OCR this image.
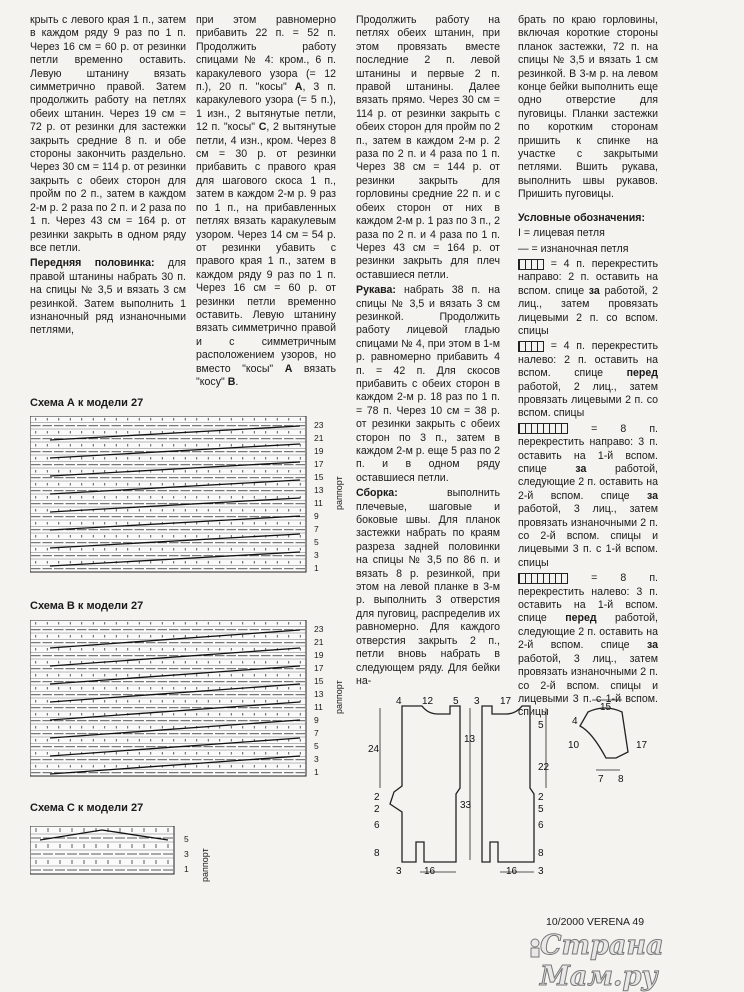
крыть с левого края 1 п., затем в каждом ряду 9 раз по 1 п. Через 16 см = 60 р. от резинки петли временно оставить. Левую штанину вязать симметрично правой. Затем продолжить работу на петлях обеих штанин. Через 19 см = 72 р. от резинки для застежки закрыть средние 8 п. и обе стороны закончить раздельно. Через 30 см = 114 р. от резинки закрыть с обеих сторон для пройм по 2 п., затем в каждом 2-м р. 2 раза по 2 п. и 2 раза по 1 п. Через 43 см = 164 р. от резинки закрыть в одном ряду все петли.

Передняя половинка: для правой штанины набрать 30 п. на спицы № 3,5 и вязать 3 см резинкой. Затем выполнить 1 изнаночный ряд изнаночными петлями,

при этом равномерно прибавить 22 п. = 52 п. Продолжить работу спицами № 4: кром., 6 п. каракулевого узора (= 12 п.), 20 п. "косы" А, 3 п. каракулевого узора (= 5 п.), 1 изн., 2 вытянутые петли, 12 п. "косы" С, 2 вытянутые петли, 4 изн., кром. Через 8 см = 30 р. от резинки прибавить с правого края для шагового скоса 1 п., затем в каждом 2-м р. 9 раз по 1 п., на прибавленных петлях вязать каракулевым узором. Через 14 см = 54 р. от резинки убавить с правого края 1 п., затем в каждом ряду 9 раз по 1 п. Через 16 см = 60 р. от резинки петли временно оставить. Левую штанину вязать симметрично правой и с симметричным расположением узоров, но вместо "косы" А вязать "косу" В.

Продолжить работу на петлях обеих штанин, при этом провязать вместе последние 2 п. левой штанины и первые 2 п. правой штанины. Далее вязать прямо. Через 30 см = 114 р. от резинки закрыть с обеих сторон для пройм по 2 п., затем в каждом 2-м р. 2 раза по 2 п. и 4 раза по 1 п. Через 38 см = 144 р. от резинки закрыть для горловины средние 22 п. и с обеих сторон от них в каждом 2-м р. 1 раз по 3 п., 2 раза по 2 п. и 4 раза по 1 п. Через 43 см = 164 р. от резинки закрыть для плеч оставшиеся петли.

Рукава: набрать 38 п. на спицы № 3,5 и вязать 3 см резинкой. Продолжить работу лицевой гладью спицами № 4, при этом в 1-м р. равномерно прибавить 4 п. = 42 п. Для скосов прибавить с обеих сторон в каждом 2-м р. 18 раз по 1 п. = 78 п. Через 10 см = 38 р. от резинки закрыть с обеих сторон по 3 п., затем в каждом 2-м р. еще 5 раз по 2 п. и в одном ряду оставшиеся петли.

Сборка: выполнить плечевые, шаговые и боковые швы. Для планок застежки набрать по краям разреза задней половинки на спицы № 3,5 по 86 п. и вязать 8 р. резинкой, при этом на левой планке в 3-м р. выполнить 3 отверстия для пуговиц, распределив их равномерно. Для каждого отверстия закрыть 2 п., петли вновь набрать в следующем ряду. Для бейки на-

брать по краю горловины, включая короткие стороны планок застежки, 72 п. на спицы № 3,5 и вязать 1 см резинкой. В 3-м р. на левом конце бейки выполнить еще одно отверстие для пуговицы. Планки застежки по коротким сторонам пришить к спинке на участке с закрытыми петлями. Вшить рукава, выполнить швы рукавов. Пришить пуговицы.

Условные обозначения:

I = лицевая петля

— = изнаночная петля

= 4 п. перекрестить направо: 2 п. оставить на вспом. спице за работой, 2 лиц., затем провязать лицевыми 2 п. со вспом. спицы

= 4 п. перекрестить налево: 2 п. оставить на вспом. спице перед работой, 2 лиц., затем провязать лицевыми 2 п. со вспом. спицы

= 8 п. перекрестить направо: 3 п. оставить на 1-й вспом. спице за работой, следующие 2 п. оставить на 2-й вспом. спице за работой, 3 лиц., затем провязать изнаночными 2 п. со 2-й вспом. спицы и лицевыми 3 п. с 1-й вспом. спицы

= 8 п. перекрестить налево: 3 п. оставить на 1-й вспом. спице перед работой, следующие 2 п. оставить на 2-й вспом. спице за работой, 3 лиц., затем провязать изнаночными 2 п. со 2-й вспом. спицы и лицевыми 3 п. с 1-й вспом. спицы

Схема А к модели 27
23
21
19
17
15
13
11
9
7
5
3
1
раппорт
Схема В к модели 27
23
21
19
17
15
13
11
9
7
5
3
1
раппорт
Схема С к модели 27
5
3
1 раппорт
4 12 5
24
2
2
6
8
13
33
3 16
3 17
5
22
2
5
6
8
16 3
15
4
10	17
7 8
10/2000 VERENA 49
Страна Мам.ру
